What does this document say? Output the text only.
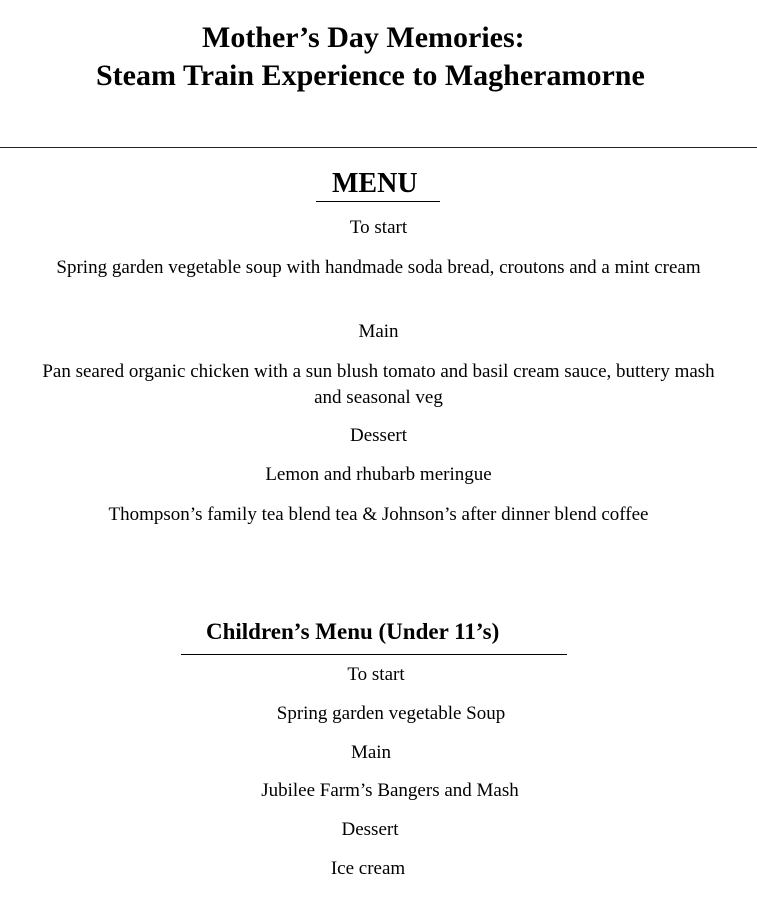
Mother’s Day Memories:
Steam Train Experience to Magheramorne
MENU
To start
Spring garden vegetable soup with handmade soda bread, croutons and a mint cream
Main
Pan seared organic chicken with a sun blush tomato and basil cream sauce, buttery mash and seasonal veg
Dessert
Lemon and rhubarb meringue
Thompson’s family tea blend tea & Johnson’s after dinner blend coffee
Children’s Menu (Under 11’s)
To start
Spring garden vegetable Soup
Main
Jubilee Farm’s Bangers and Mash
Dessert
Ice cream
